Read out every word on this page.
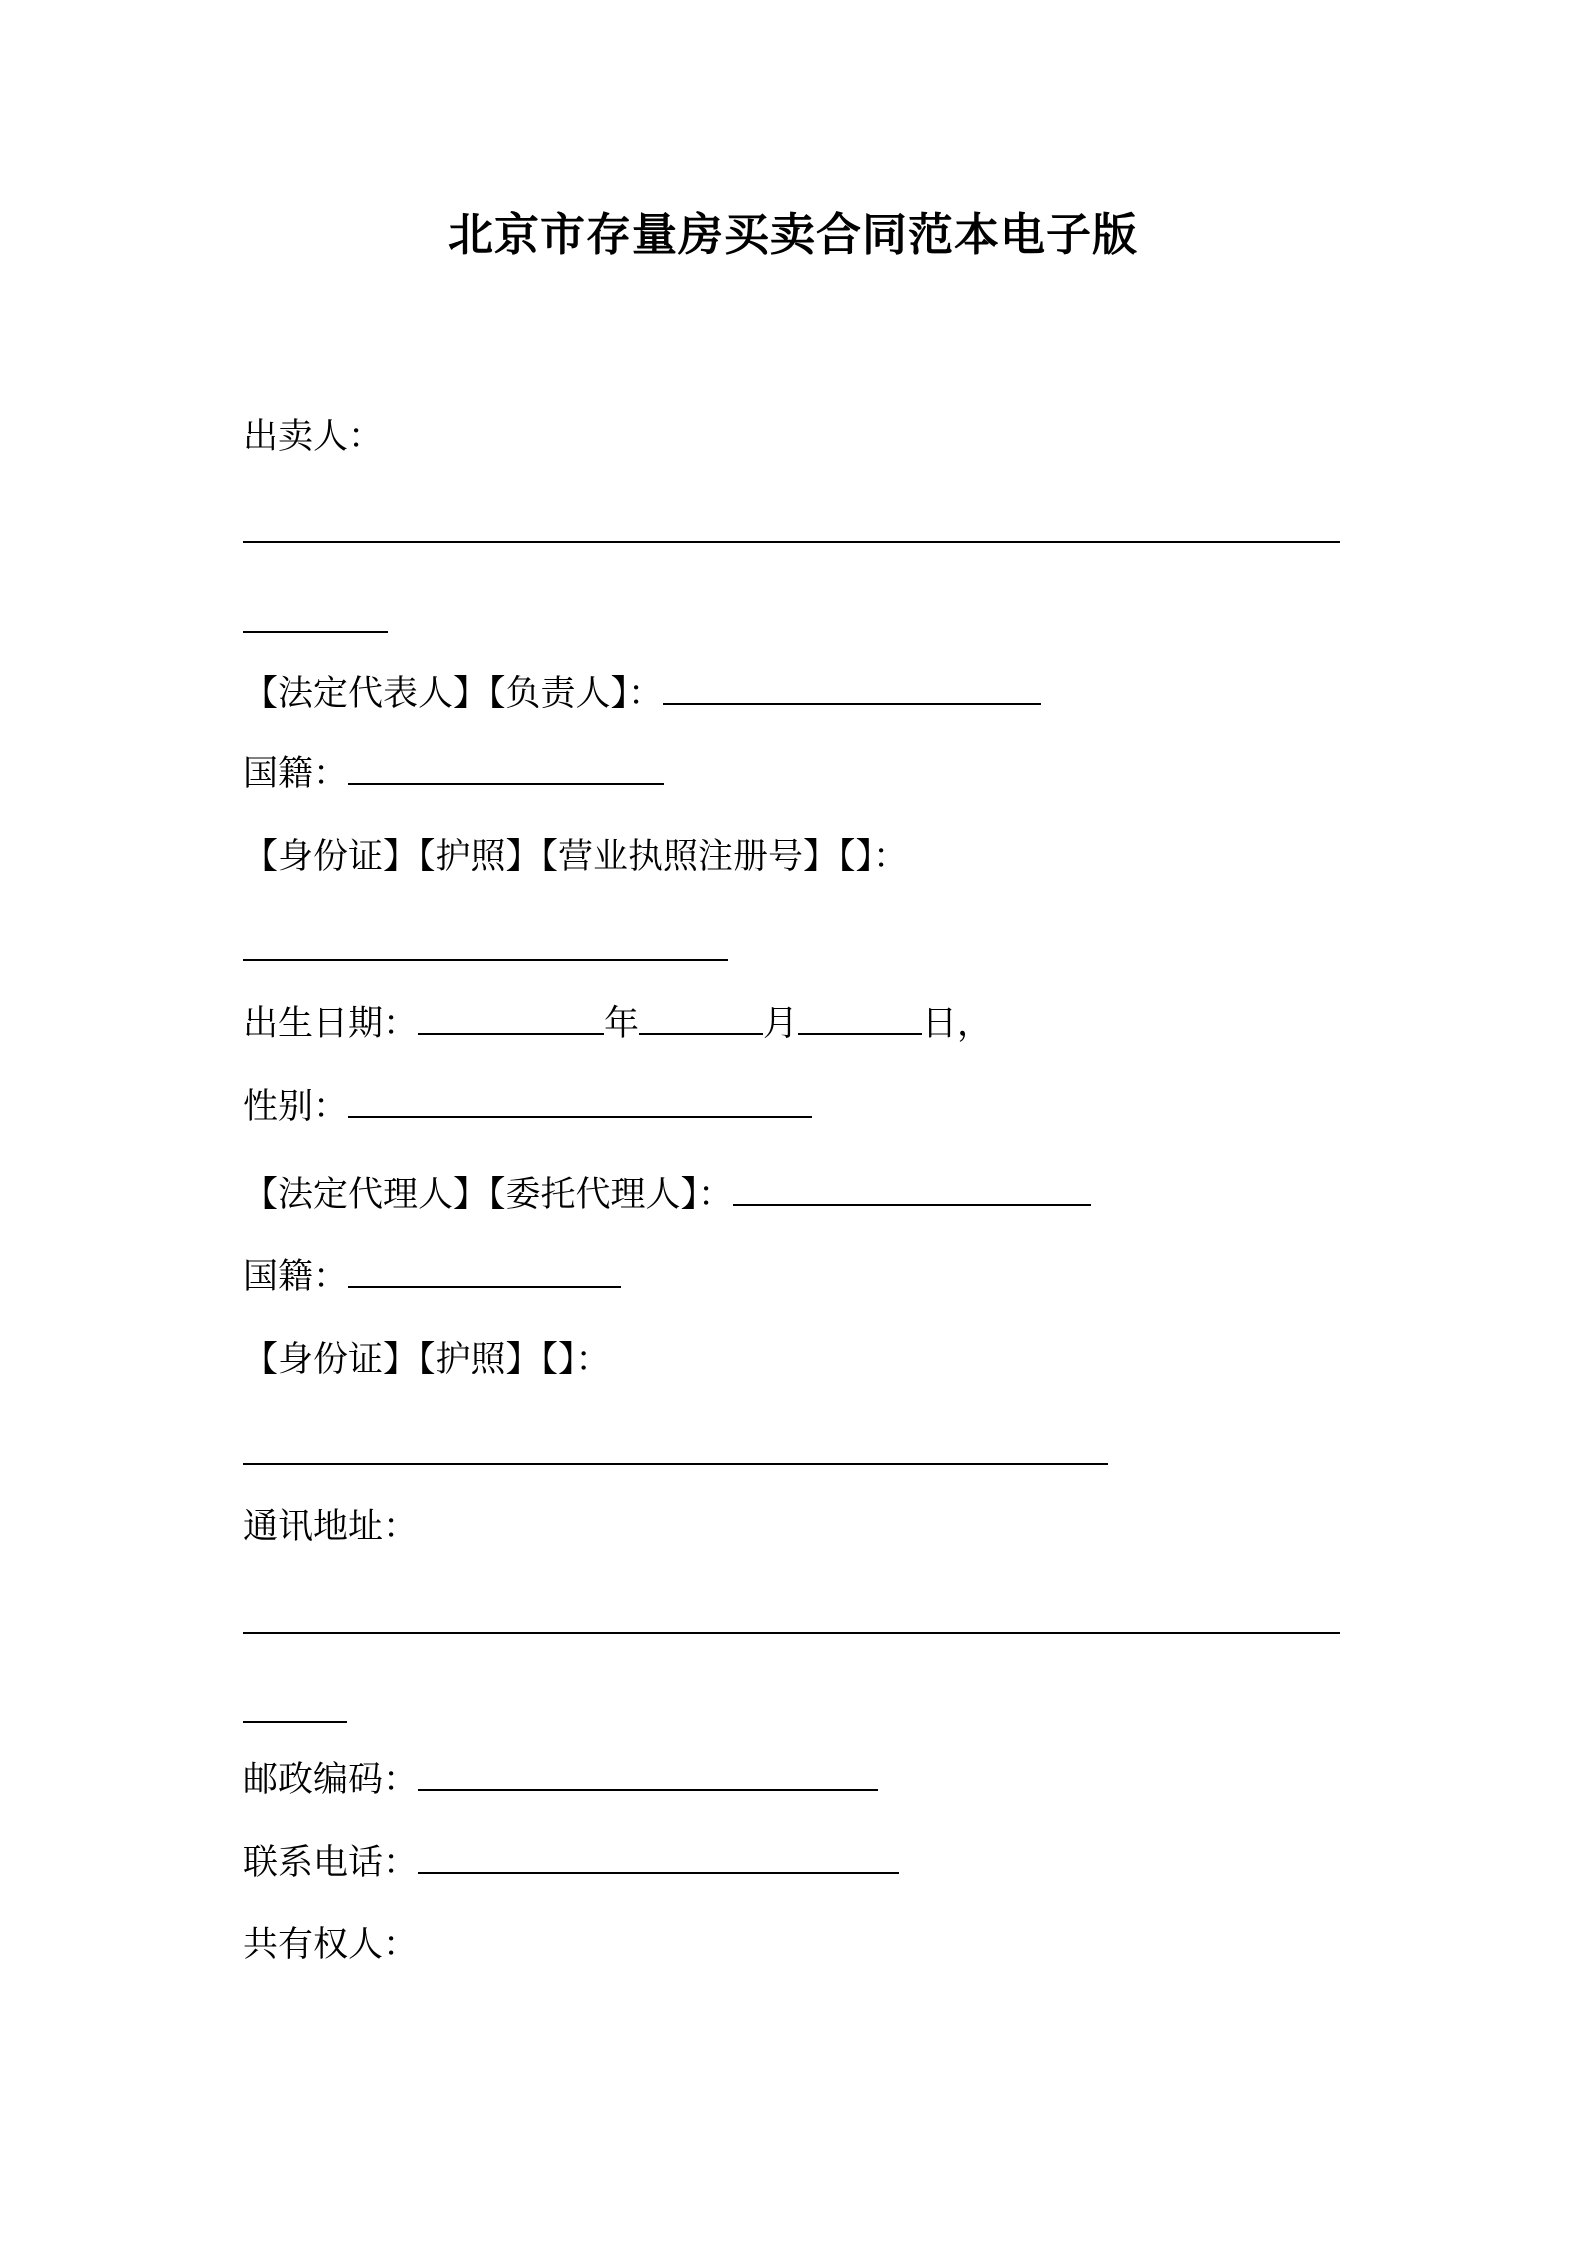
北京市存量房买卖合同范本电子版
出卖人：
【法定代表人】【负责人】：
国籍：
【身份证】【护照】【营业执照注册号】【】：
出生日期：	年	月	日，
性别：
【法定代理人】【委托代理人】：
国籍：
【身份证】【护照】【】：
通讯地址：
邮政编码：
联系电话：
共有权人：
